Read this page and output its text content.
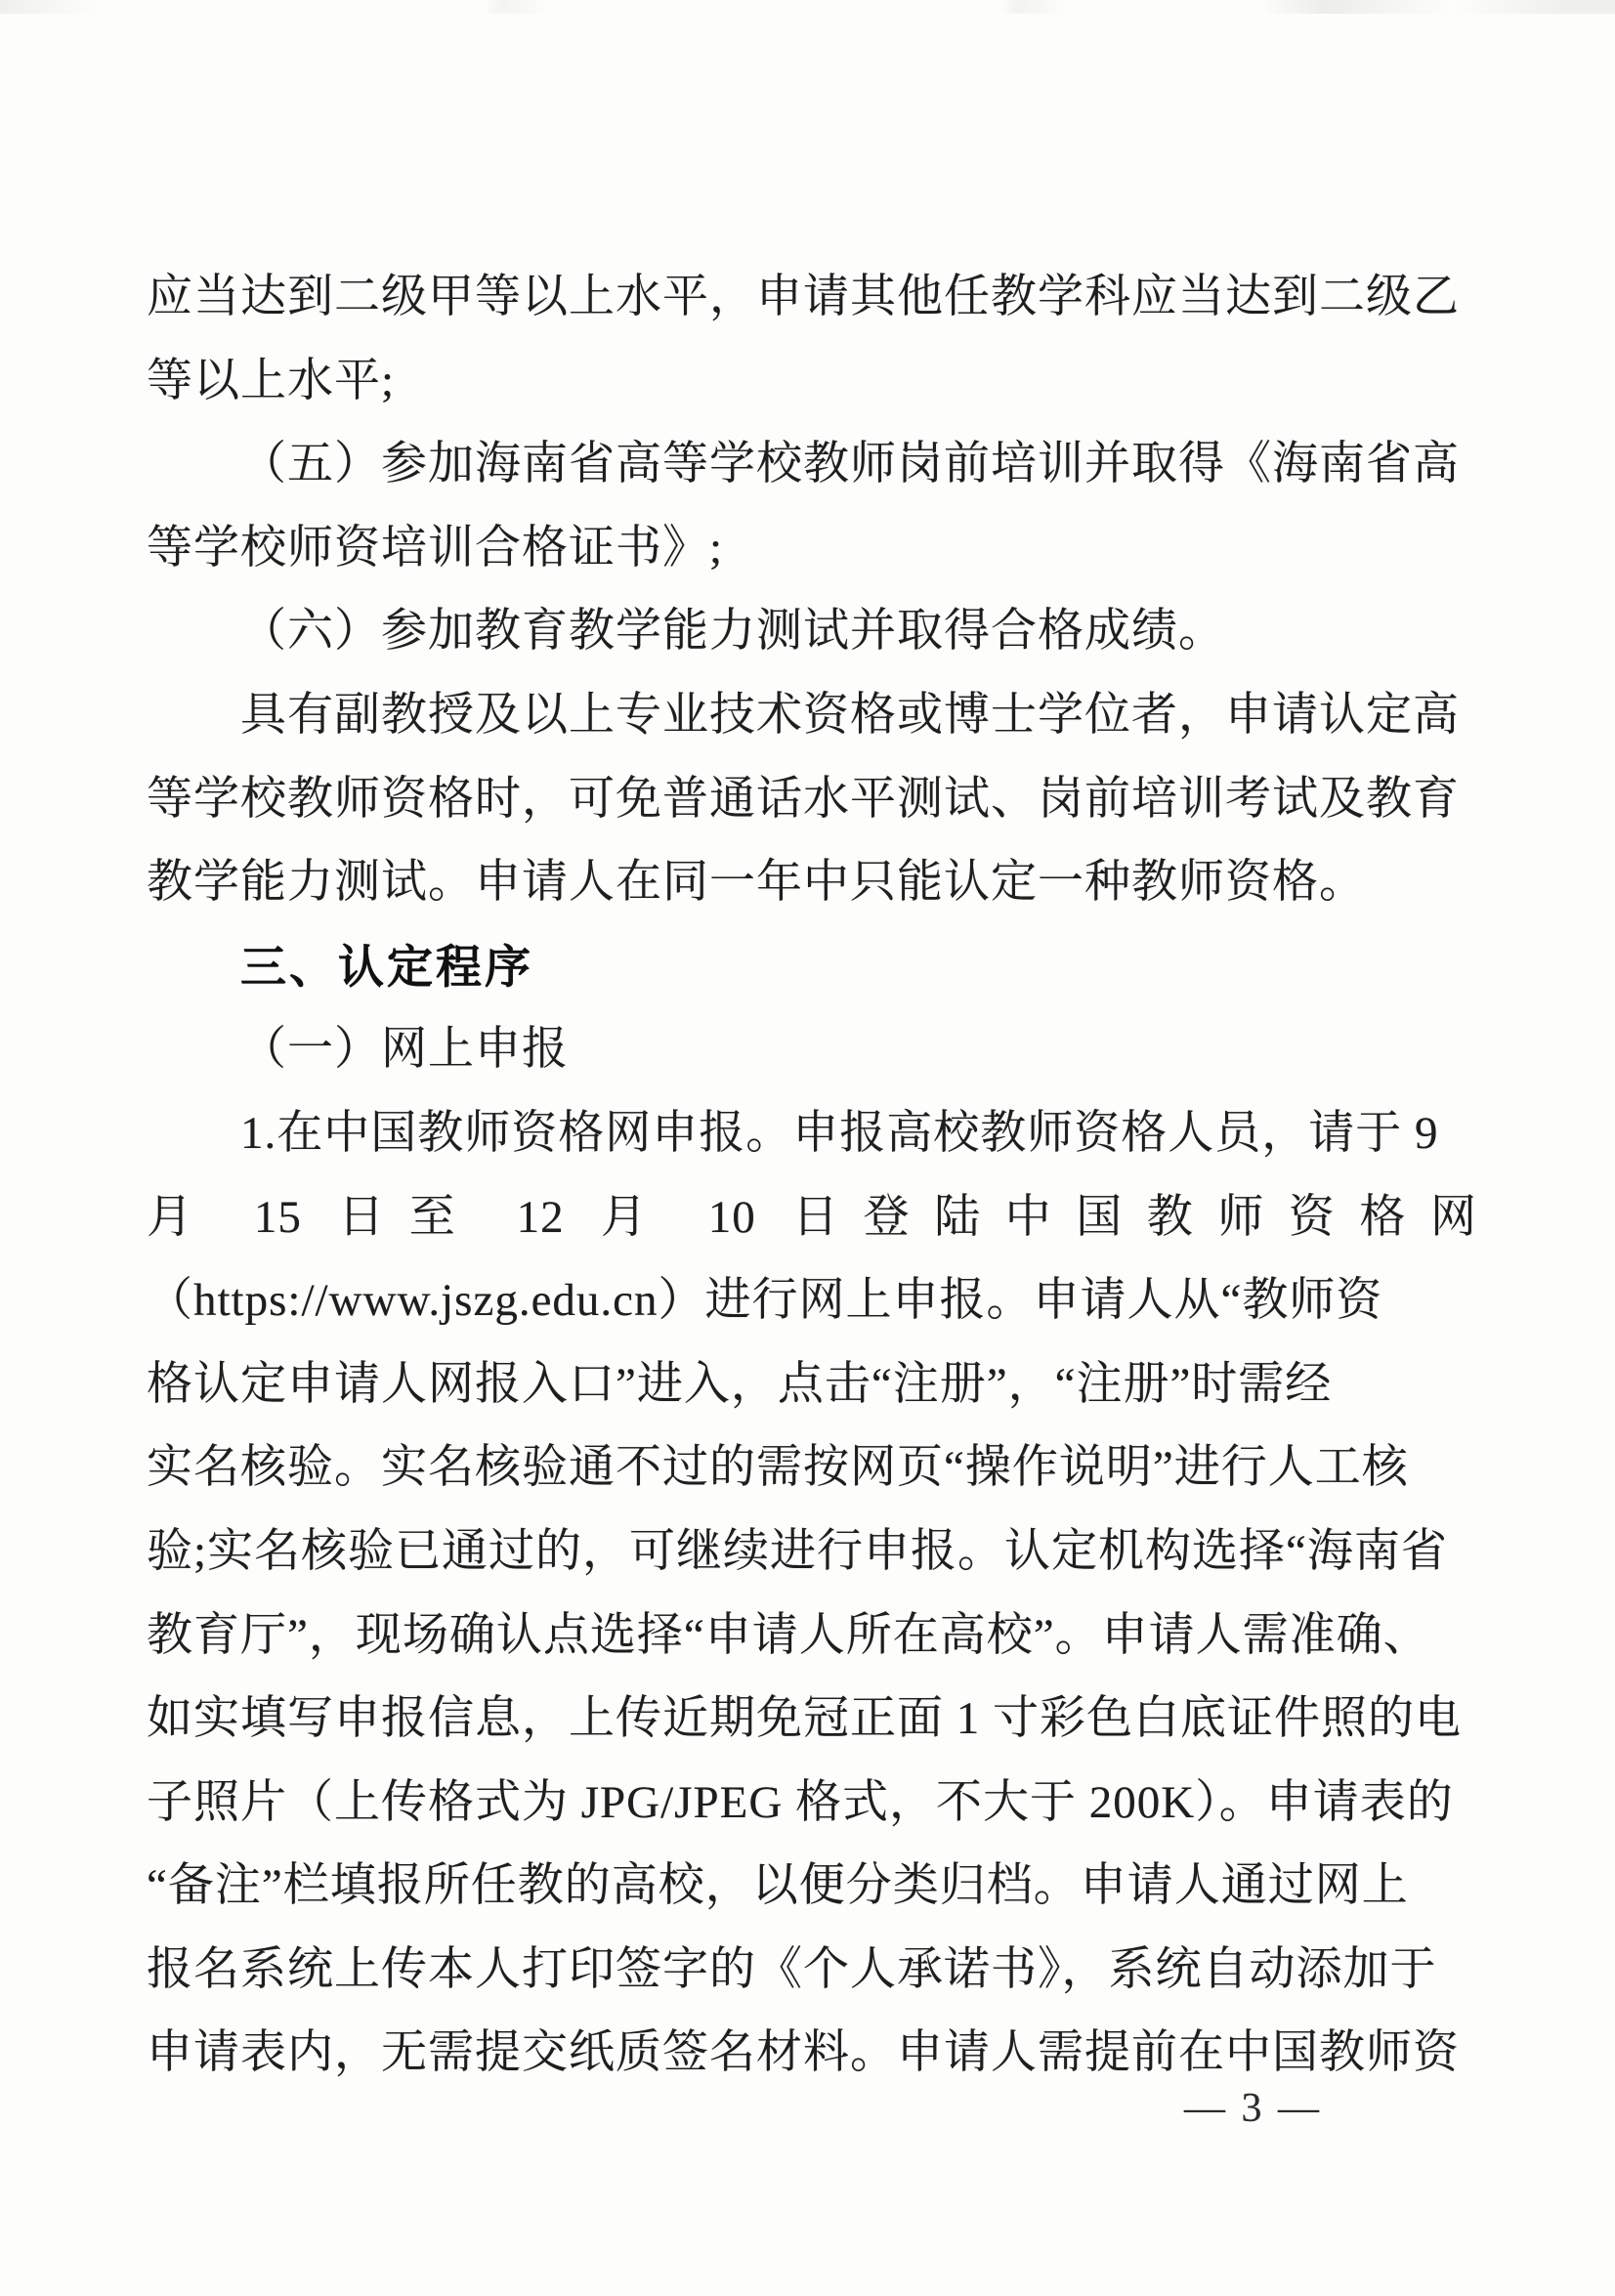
应当达到二级甲等以上水平，申请其他任教学科应当达到二级乙
等以上水平;
（五）参加海南省高等学校教师岗前培训并取得《海南省高
等学校师资培训合格证书》;
（六）参加教育教学能力测试并取得合格成绩。
具有副教授及以上专业技术资格或博士学位者，申请认定高
等学校教师资格时，可免普通话水平测试、岗前培训考试及教育
教学能力测试。申请人在同一年中只能认定一种教师资格。
三、认定程序
（一）网上申报
1.在中国教师资格网申报。申报高校教师资格人员，请于 9
月 15 日至 12 月 10 日登陆中国教师资格网
（https://www.jszg.edu.cn）进行网上申报。申请人从“教师资
格认定申请人网报入口”进入，点击“注册”，“注册”时需经
实名核验。实名核验通不过的需按网页“操作说明”进行人工核
验;实名核验已通过的，可继续进行申报。认定机构选择“海南省
教育厅”，现场确认点选择“申请人所在高校”。申请人需准确、
如实填写申报信息，上传近期免冠正面 1 寸彩色白底证件照的电
子照片（上传格式为 JPG/JPEG 格式，不大于 200K）。申请表的
“备注”栏填报所任教的高校，以便分类归档。申请人通过网上
报名系统上传本人打印签字的《个人承诺书》，系统自动添加于
申请表内，无需提交纸质签名材料。申请人需提前在中国教师资
— 3 —
